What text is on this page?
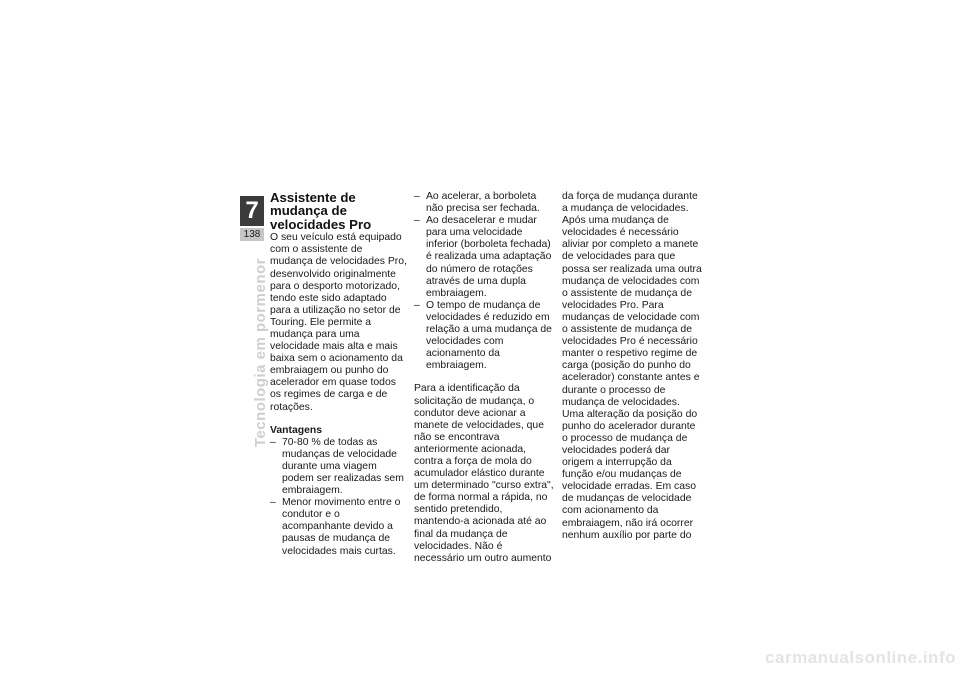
7
138
Tecnologia em pormenor
Assistente de mudança de velocidades Pro

O seu veículo está equipado com o assistente de mudança de velocidades Pro, desenvolvido originalmente para o desporto motorizado, tendo este sido adaptado para a utilização no setor de Touring. Ele permite a mudança para uma velocidade mais alta e mais baixa sem o acionamento da embraiagem ou punho do acelerador em quase todos os regimes de carga e de rotações.

Vantagens
– 70-80 % de todas as mudanças de velocidade durante uma viagem podem ser realizadas sem embraiagem.
– Menor movimento entre o condutor e o acompanhante devido a pausas de mudança de velocidades mais curtas.
– Ao acelerar, a borboleta não precisa ser fechada.
– Ao desacelerar e mudar para uma velocidade inferior (borboleta fechada) é realizada uma adaptação do número de rotações através de uma dupla embraiagem.
– O tempo de mudança de velocidades é reduzido em relação a uma mudança de velocidades com acionamento da embraiagem.

Para a identificação da solicitação de mudança, o condutor deve acionar a manete de velocidades, que não se encontrava anteriormente acionada, contra a força de mola do acumulador elástico durante um determinado "curso extra", de forma normal a rápida, no sentido pretendido, mantendo-a acionada até ao final da mudança de velocidades. Não é necessário um outro aumento

da força de mudança durante a mudança de velocidades. Após uma mudança de velocidades é necessário aliviar por completo a manete de velocidades para que possa ser realizada uma outra mudança de velocidades com o assistente de mudança de velocidades Pro. Para mudanças de velocidade com o assistente de mudança de velocidades Pro é necessário manter o respetivo regime de carga (posição do punho do acelerador) constante antes e durante o processo de mudança de velocidades. Uma alteração da posição do punho do acelerador durante o processo de mudança de velocidades poderá dar origem a interrupção da função e/ou mudanças de velocidade erradas. Em caso de mudanças de velocidade com acionamento da embraiagem, não irá ocorrer nenhum auxílio por parte do

carmanualsonline.info
